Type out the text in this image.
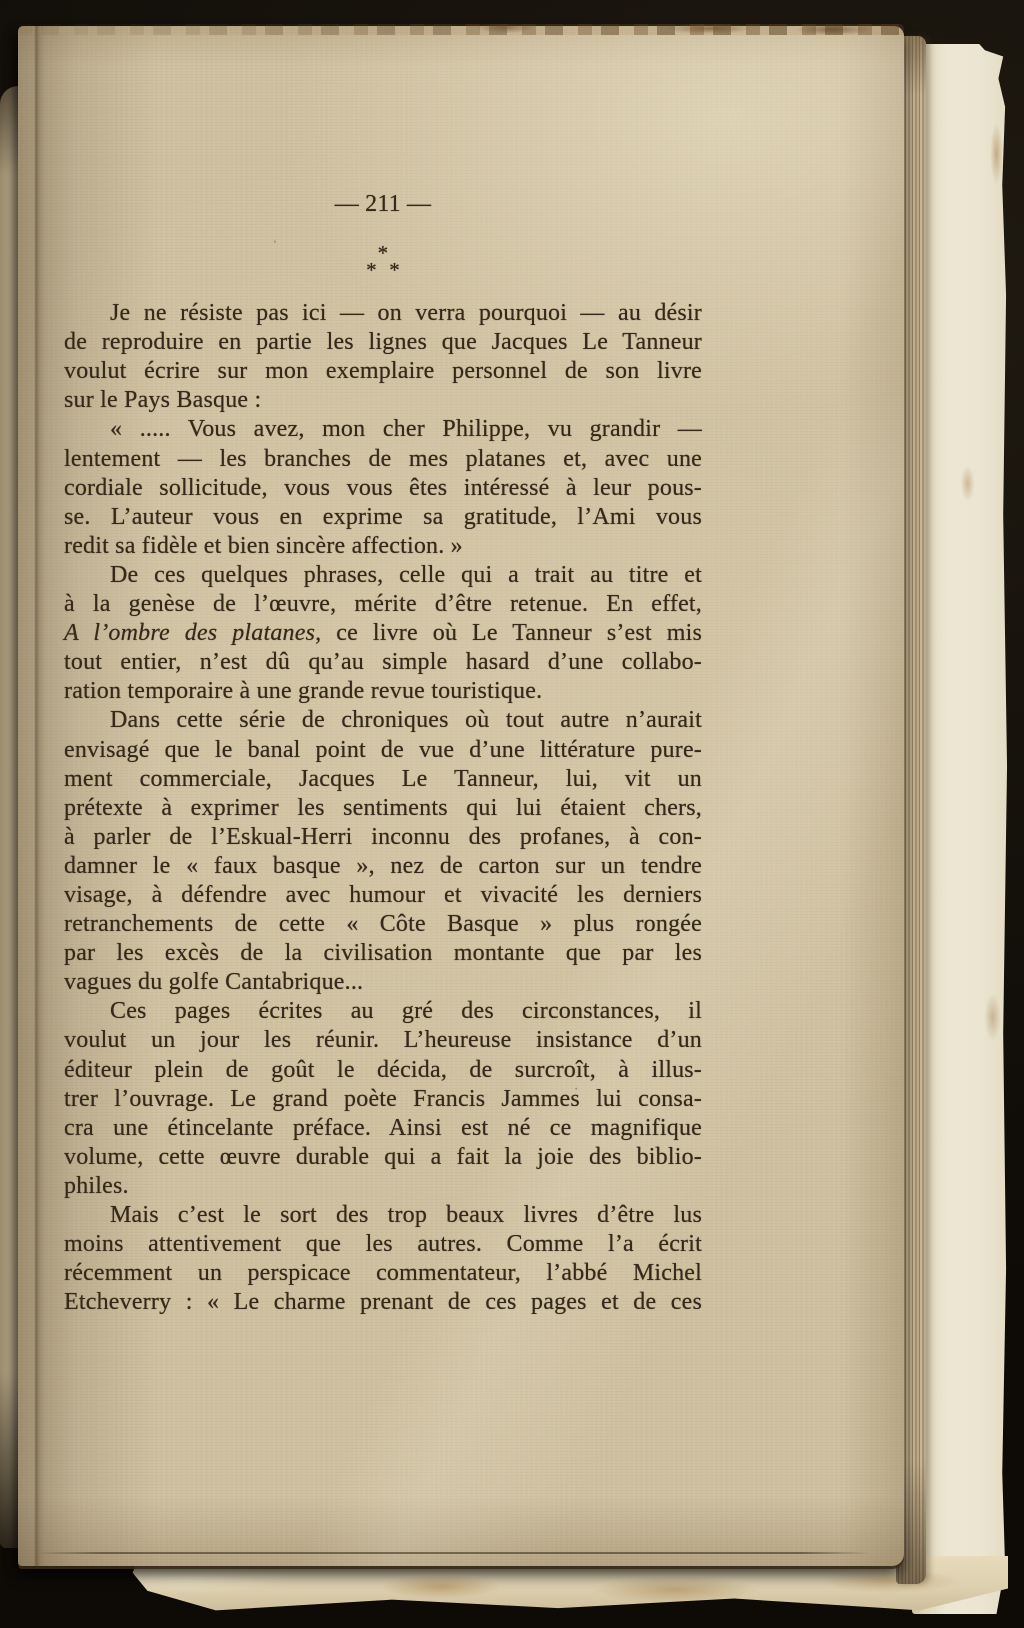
— 211 —
*
* *
Je ne résiste pas ici — on verra pourquoi — au désir
de reproduire en partie les lignes que Jacques Le Tanneur
voulut écrire sur mon exemplaire personnel de son livre
sur le Pays Basque :
« ..... Vous avez, mon cher Philippe, vu grandir —
lentement — les branches de mes platanes et, avec une
cordiale sollicitude, vous vous êtes intéressé à leur pous-
se. L’auteur vous en exprime sa gratitude, l’Ami vous
redit sa fidèle et bien sincère affection. »
De ces quelques phrases, celle qui a trait au titre et
à la genèse de l’œuvre, mérite d’être retenue. En effet,
A l’ombre des platanes, ce livre où Le Tanneur s’est mis
tout entier, n’est dû qu’au simple hasard d’une collabo-
ration temporaire à une grande revue touristique.
Dans cette série de chroniques où tout autre n’aurait
envisagé que le banal point de vue d’une littérature pure-
ment commerciale, Jacques Le Tanneur, lui, vit un
prétexte à exprimer les sentiments qui lui étaient chers,
à parler de l’Eskual-Herri inconnu des profanes, à con-
damner le « faux basque », nez de carton sur un tendre
visage, à défendre avec humour et vivacité les derniers
retranchements de cette « Côte Basque » plus rongée
par les excès de la civilisation montante que par les
vagues du golfe Cantabrique...
Ces pages écrites au gré des circonstances, il
voulut un jour les réunir. L’heureuse insistance d’un
éditeur plein de goût le décida, de surcroît, à illus-
trer l’ouvrage. Le grand poète Francis Jammes lui consa-
cra une étincelante préface. Ainsi est né ce magnifique
volume, cette œuvre durable qui a fait la joie des biblio-
philes.
Mais c’est le sort des trop beaux livres d’être lus
moins attentivement que les autres. Comme l’a écrit
récemment un perspicace commentateur, l’abbé Michel
Etcheverry : « Le charme prenant de ces pages et de ces
